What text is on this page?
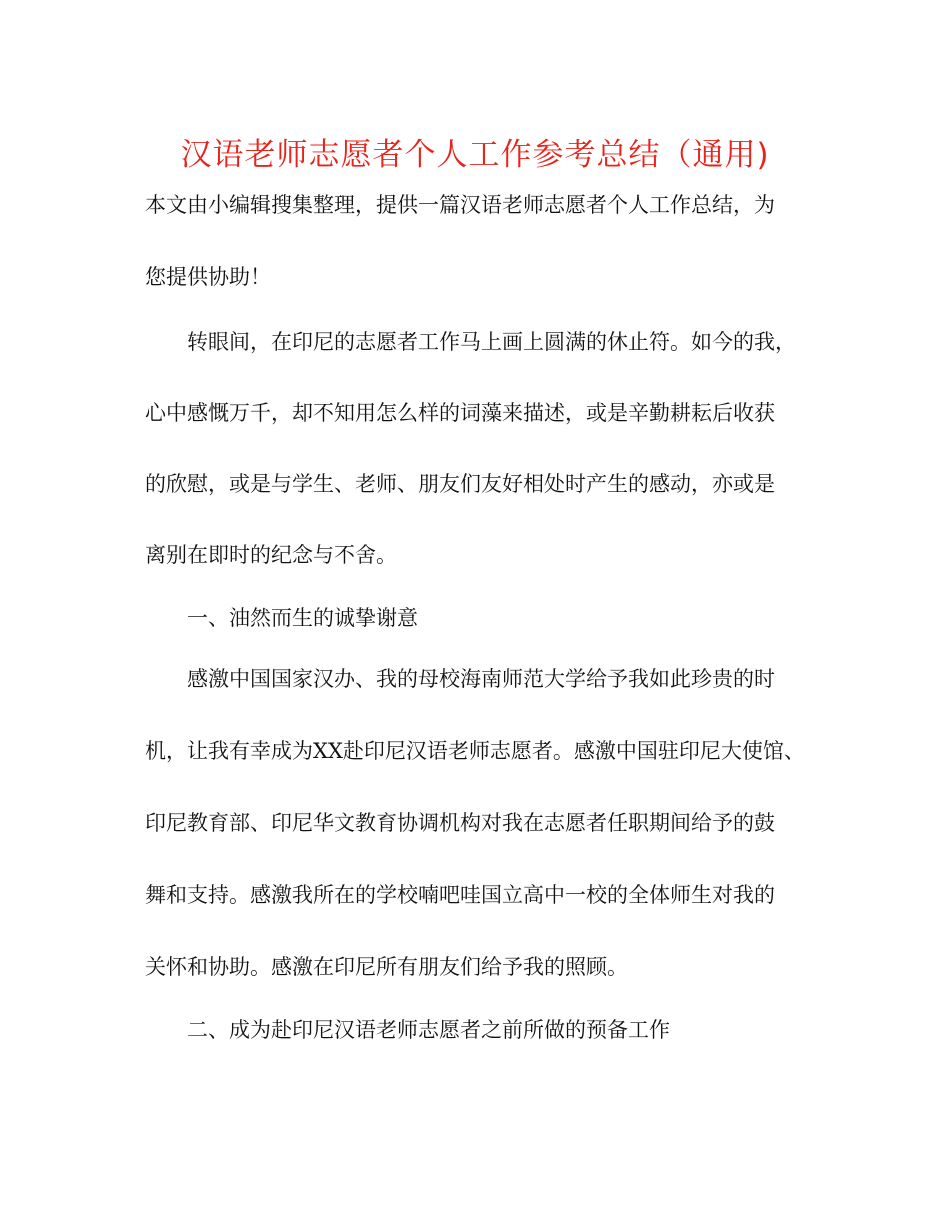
汉语老师志愿者个人工作参考总结（通用)

本文由小编辑搜集整理，提供一篇汉语老师志愿者个人工作总结，为

您提供协助！

转眼间，在印尼的志愿者工作马上画上圆满的休止符。如今的我，

心中感慨万千，却不知用怎么样的词藻来描述，或是辛勤耕耘后收获

的欣慰，或是与学生、老师、朋友们友好相处时产生的感动，亦或是

离别在即时的纪念与不舍。

一、油然而生的诚挚谢意

感激中国国家汉办、我的母校海南师范大学给予我如此珍贵的时

机，让我有幸成为XX赴印尼汉语老师志愿者。感激中国驻印尼大使馆、

印尼教育部、印尼华文教育协调机构对我在志愿者任职期间给予的鼓

舞和支持。感激我所在的学校喃吧哇国立高中一校的全体师生对我的

关怀和协助。感激在印尼所有朋友们给予我的照顾。

二、成为赴印尼汉语老师志愿者之前所做的预备工作
